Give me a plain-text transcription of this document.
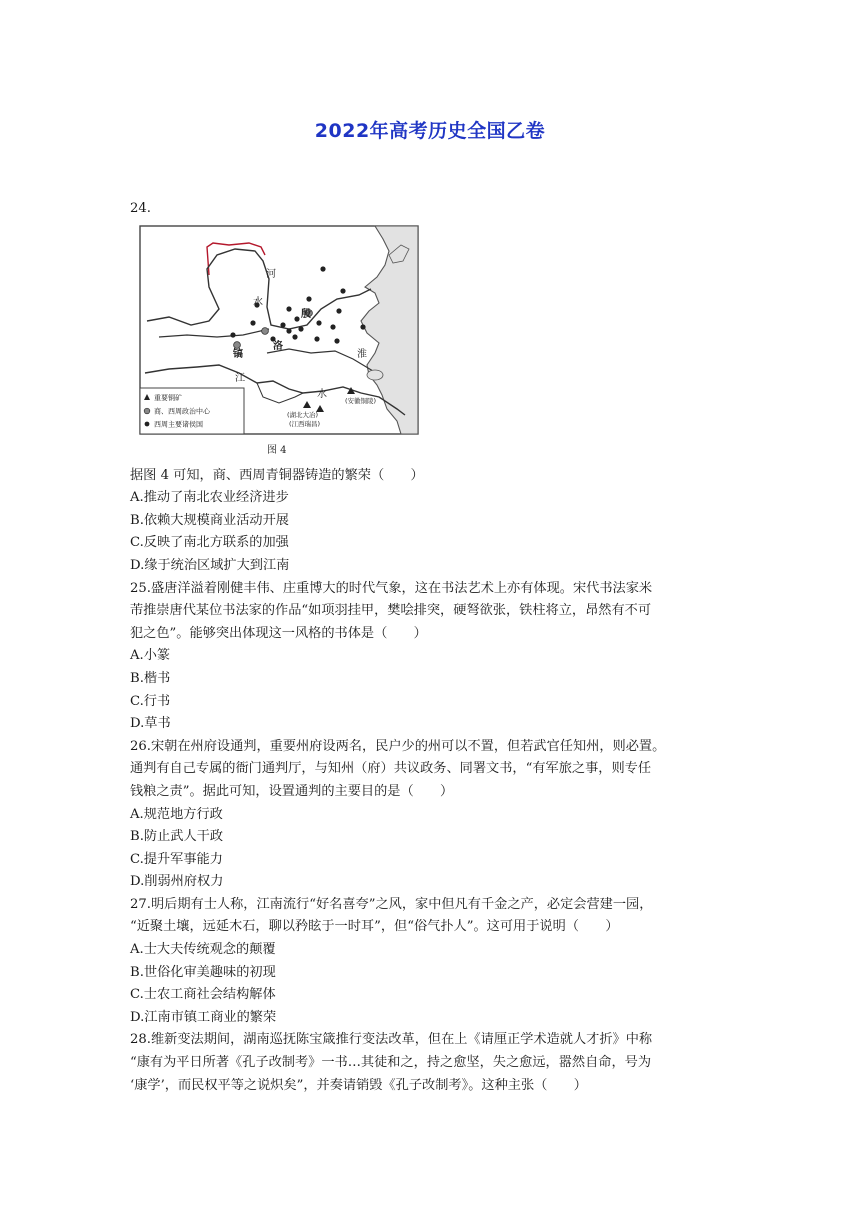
2022年高考历史全国乙卷

24.

河
水
殷
洛
镐
江
淮
水
(湖北大冶)
(江西瑞昌)
(安徽铜陵)
重要铜矿
商、西周政治中心
西周主要诸侯国
图 4

据图 4 可知，商、西周青铜器铸造的繁荣（　　）

A.推动了南北农业经济进步

B.依赖大规模商业活动开展

C.反映了南北方联系的加强

D.缘于统治区域扩大到江南

25.盛唐洋溢着刚健丰伟、庄重博大的时代气象，这在书法艺术上亦有体现。宋代书法家米

芾推崇唐代某位书法家的作品“如项羽挂甲，樊哙排突，硬弩欲张，铁柱将立，昂然有不可

犯之色”。能够突出体现这一风格的书体是（　　）

A.小篆

B.楷书

C.行书

D.草书

26.宋朝在州府设通判，重要州府设两名，民户少的州可以不置，但若武官任知州，则必置。

通判有自己专属的衙门通判厅，与知州（府）共议政务、同署文书，“有军旅之事，则专任

钱粮之责”。据此可知，设置通判的主要目的是（　　）

A.规范地方行政

B.防止武人干政

C.提升军事能力

D.削弱州府权力

27.明后期有士人称，江南流行“好名喜夸”之风，家中但凡有千金之产，必定会营建一园，

“近聚土壤，远延木石，聊以矜眩于一时耳”，但“俗气扑人”。这可用于说明（　　）

A.士大夫传统观念的颠覆

B.世俗化审美趣味的初现

C.士农工商社会结构解体

D.江南市镇工商业的繁荣

28.维新变法期间，湖南巡抚陈宝箴推行变法改革，但在上《请厘正学术造就人才折》中称

“康有为平日所著《孔子改制考》一书…其徒和之，持之愈坚，失之愈远，嚣然自命，号为

‘康学’，而民权平等之说炽矣”，并奏请销毁《孔子改制考》。这种主张（　　）
